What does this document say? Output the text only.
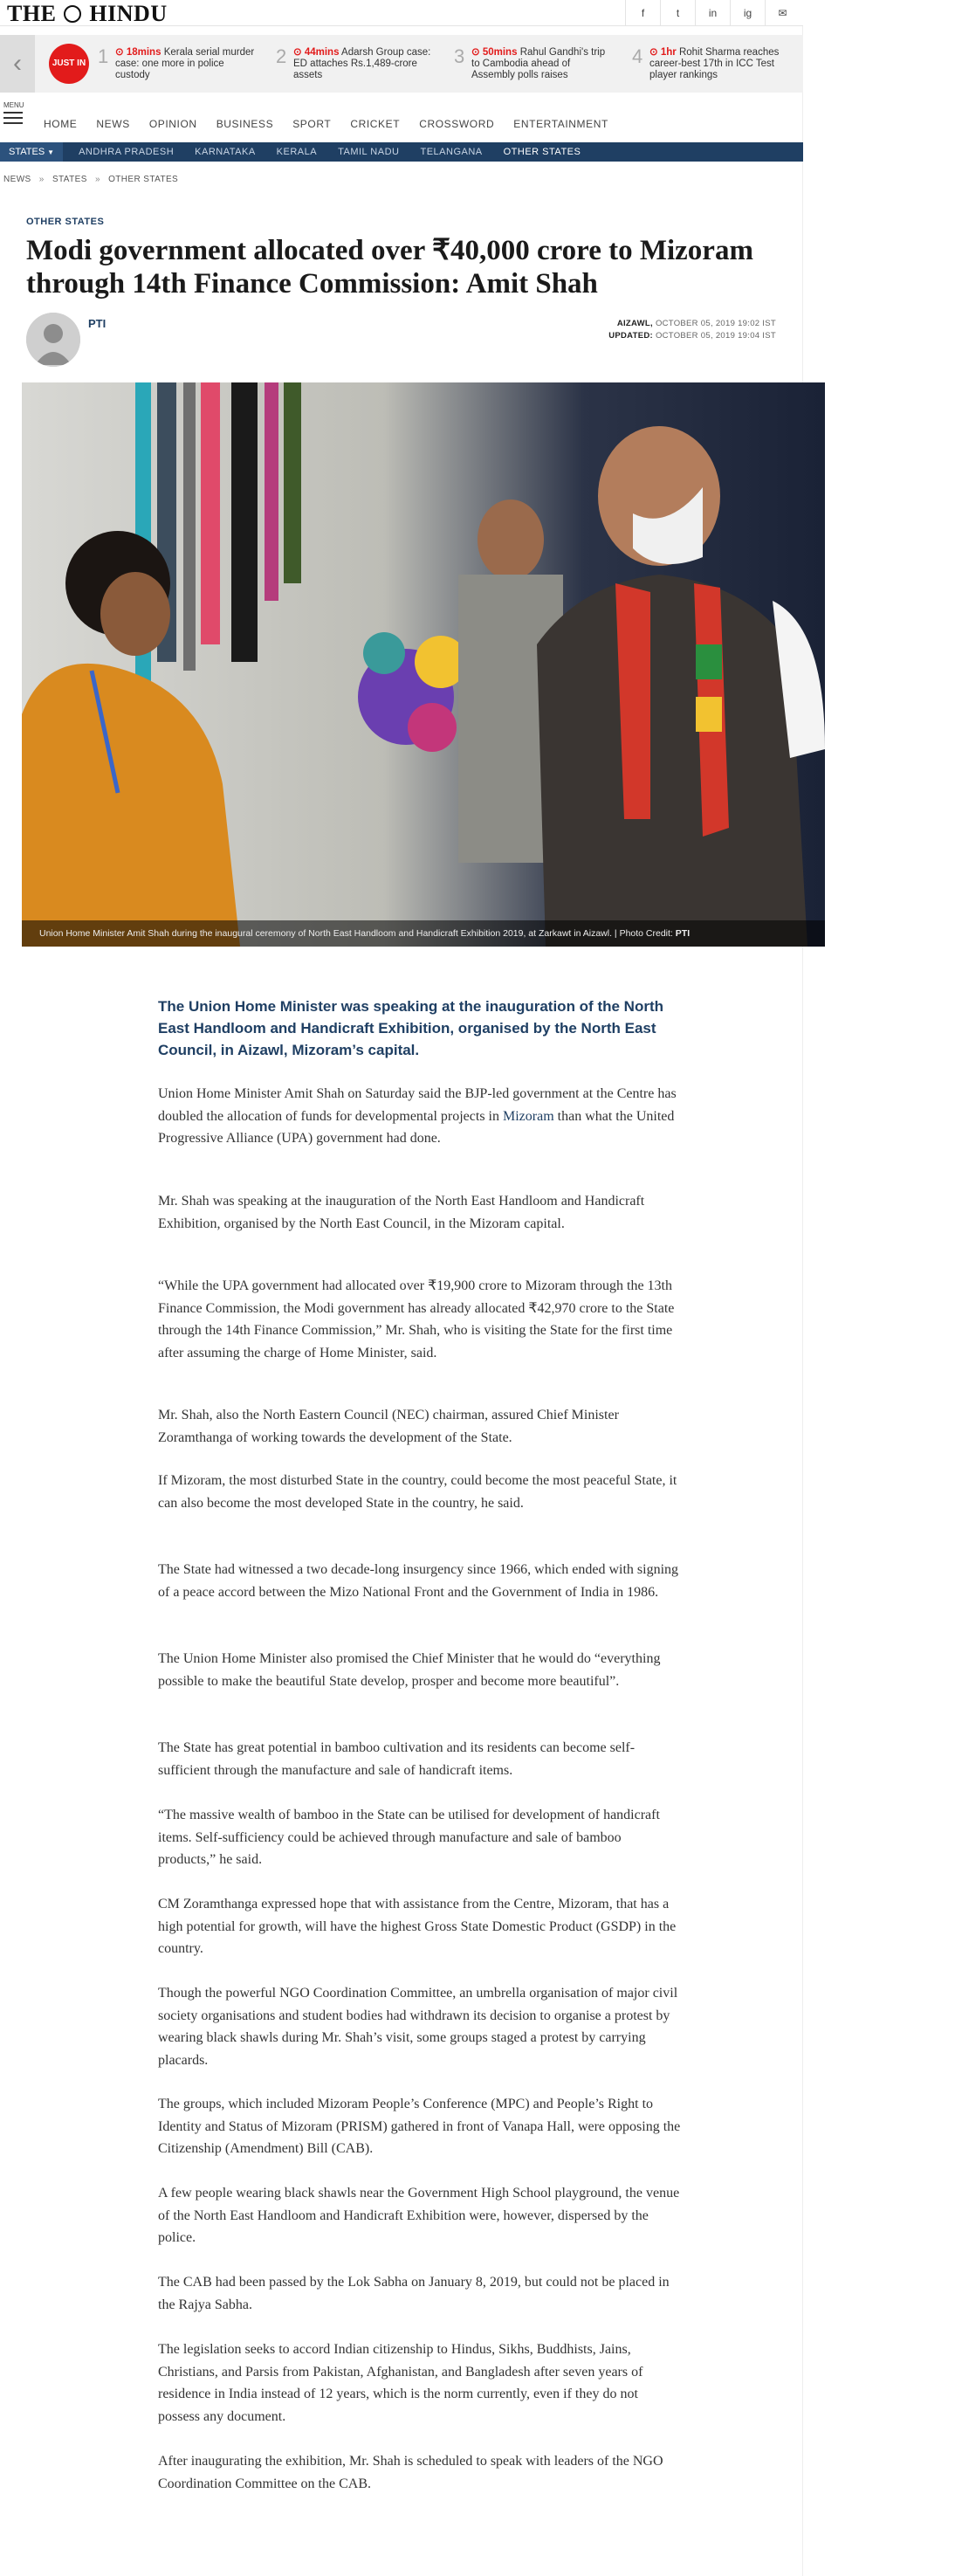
THE HINDU	f	t	in	ig	✉
‹	JUST IN 1 ⊙ 18mins Kerala serial murder case: one more in police custody
2 ⊙ 44mins Adarsh Group case: ED attaches Rs.1,489-crore assets
3 ⊙ 50mins Rahul Gandhi's trip to Cambodia ahead of Assembly polls raises
4 ⊙ 1hr Rohit Sharma reaches career-best 17th in ICC Test player rankings
MENU
HOME NEWS OPINION BUSINESS SPORT CRICKET CROSSWORD ENTERTAINMENT
STATES ▼	ANDHRA PRADESH KARNATAKA KERALA TAMIL NADU TELANGANA OTHER STATES
NEWS » STATES » OTHER STATES
OTHER STATES
Modi government allocated over ₹40,000 crore to Mizoram through 14th Finance Commission: Amit Shah
PTI	AIZAWL, OCTOBER 05, 2019 19:02 IST
UPDATED: OCTOBER 05, 2019 19:04 IST
Union Home Minister Amit Shah during the inaugural ceremony of North East Handloom and Handicraft Exhibition 2019, at Zarkawt in Aizawl. | Photo Credit: PTI

The Union Home Minister was speaking at the inauguration of the North East Handloom and Handicraft Exhibition, organised by the North East Council, in Aizawl, Mizoram’s capital.

Union Home Minister Amit Shah on Saturday said the BJP-led government at the Centre has doubled the allocation of funds for developmental projects in Mizoram than what the United Progressive Alliance (UPA) government had done.

Mr. Shah was speaking at the inauguration of the North East Handloom and Handicraft Exhibition, organised by the North East Council, in the Mizoram capital.

“While the UPA government had allocated over ₹19,900 crore to Mizoram through the 13th Finance Commission, the Modi government has already allocated ₹42,970 crore to the State through the 14th Finance Commission,” Mr. Shah, who is visiting the State for the first time after assuming the charge of Home Minister, said.

Mr. Shah, also the North Eastern Council (NEC) chairman, assured Chief Minister Zoramthanga of working towards the development of the State.

If Mizoram, the most disturbed State in the country, could become the most peaceful State, it can also become the most developed State in the country, he said.

The State had witnessed a two decade-long insurgency since 1966, which ended with signing of a peace accord between the Mizo National Front and the Government of India in 1986.

The Union Home Minister also promised the Chief Minister that he would do “everything possible to make the beautiful State develop, prosper and become more beautiful”.

The State has great potential in bamboo cultivation and its residents can become self-sufficient through the manufacture and sale of handicraft items.

“The massive wealth of bamboo in the State can be utilised for development of handicraft items. Self-sufficiency could be achieved through manufacture and sale of bamboo products,” he said.

CM Zoramthanga expressed hope that with assistance from the Centre, Mizoram, that has a high potential for growth, will have the highest Gross State Domestic Product (GSDP) in the country.

Though the powerful NGO Coordination Committee, an umbrella organisation of major civil society organisations and student bodies had withdrawn its decision to organise a protest by wearing black shawls during Mr. Shah’s visit, some groups staged a protest by carrying placards.

The groups, which included Mizoram People’s Conference (MPC) and People’s Right to Identity and Status of Mizoram (PRISM) gathered in front of Vanapa Hall, were opposing the Citizenship (Amendment) Bill (CAB).

A few people wearing black shawls near the Government High School playground, the venue of the North East Handloom and Handicraft Exhibition were, however, dispersed by the police.

The CAB had been passed by the Lok Sabha on January 8, 2019, but could not be placed in the Rajya Sabha.

The legislation seeks to accord Indian citizenship to Hindus, Sikhs, Buddhists, Jains, Christians, and Parsis from Pakistan, Afghanistan, and Bangladesh after seven years of residence in India instead of 12 years, which is the norm currently, even if they do not possess any document.

After inaugurating the exhibition, Mr. Shah is scheduled to speak with leaders of the NGO Coordination Committee on the CAB.
